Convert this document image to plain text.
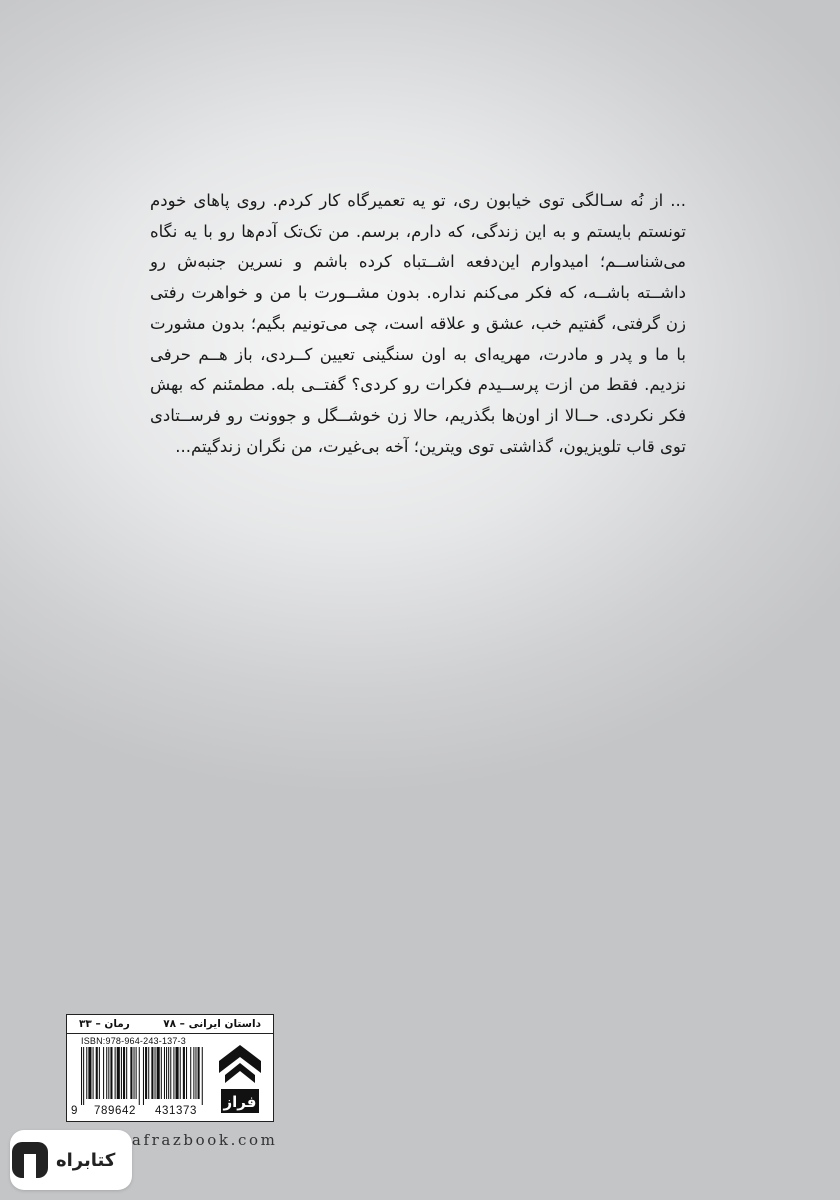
... از نُه سـالگی توی خیابون ری، تو یه تعمیرگاه کار کردم. روی پاهای خودم تونستم بایستم و به این زندگی، که دارم، برسم. من تک‌تک آدم‌ها رو با یه نگاه می‌شناســم؛ امیدوارم این‌دفعه اشــتباه کرده باشم و نسرین جنبه‌ش رو داشــته باشــه، که فکر می‌کنم نداره. بدون مشــورت با من و خواهرت رفتی زن گرفتی، گفتیم خب، عشق و علاقه است، چی می‌تونیم بگیم؛ بدون مشورت با ما و پدر و مادرت، مهریه‌ای به اون سنگینی تعیین کــردی، باز هــم حرفی نزدیم. فقط من ازت پرســیدم فکرات رو کردی؟ گفتــی بله. مطمئنم که بهش فکر نکردی. حــالا از اون‌ها بگذریم، حالا زن خوشــگل و جوونت رو فرســتادی توی قاب تلویزیون، گذاشتی توی ویترین؛ آخه بی‌غیرت، من نگران زندگیتم...
داستان ایرانی – ۷۸
رمان – ۳۳
ISBN:978-964-243-137-3
9	789642	431373	فراز
afrazbook.com
کتابراه
